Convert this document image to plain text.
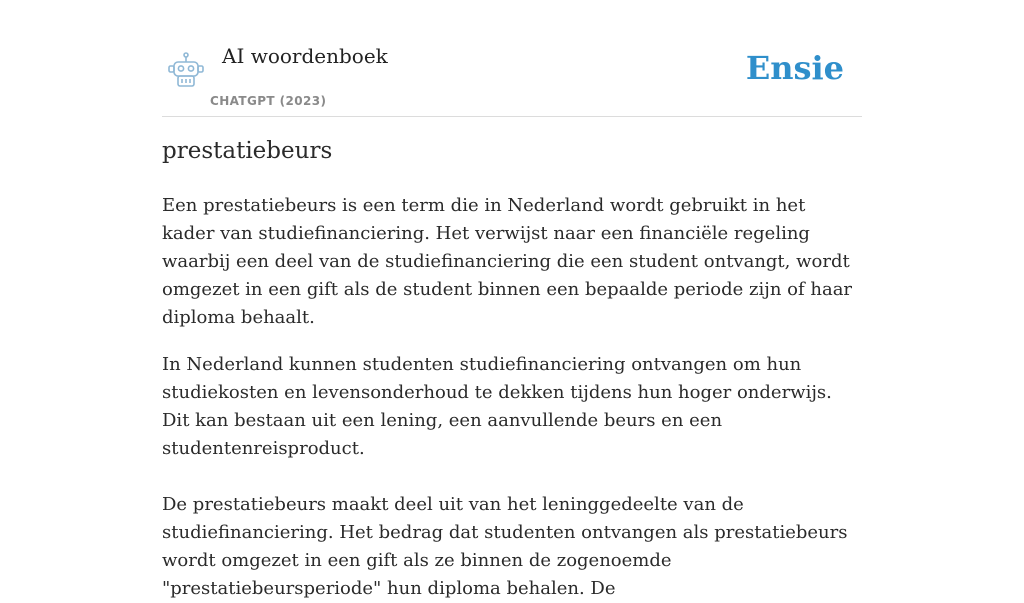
AI woordenboek
CHATGPT (2023)
Ensie
prestatiebeurs

Een prestatiebeurs is een term die in Nederland wordt gebruikt in het kader van studiefinanciering. Het verwijst naar een financiële regeling waarbij een deel van de studiefinanciering die een student ontvangt, wordt omgezet in een gift als de student binnen een bepaalde periode zijn of haar diploma behaalt.

In Nederland kunnen studenten studiefinanciering ontvangen om hun studiekosten en levensonderhoud te dekken tijdens hun hoger onderwijs. Dit kan bestaan uit een lening, een aanvullende beurs en een studentenreisproduct.

De prestatiebeurs maakt deel uit van het leninggedeelte van de studiefinanciering. Het bedrag dat studenten ontvangen als prestatiebeurs wordt omgezet in een gift als ze binnen de zogenoemde "prestatiebeursperiode" hun diploma behalen. De
